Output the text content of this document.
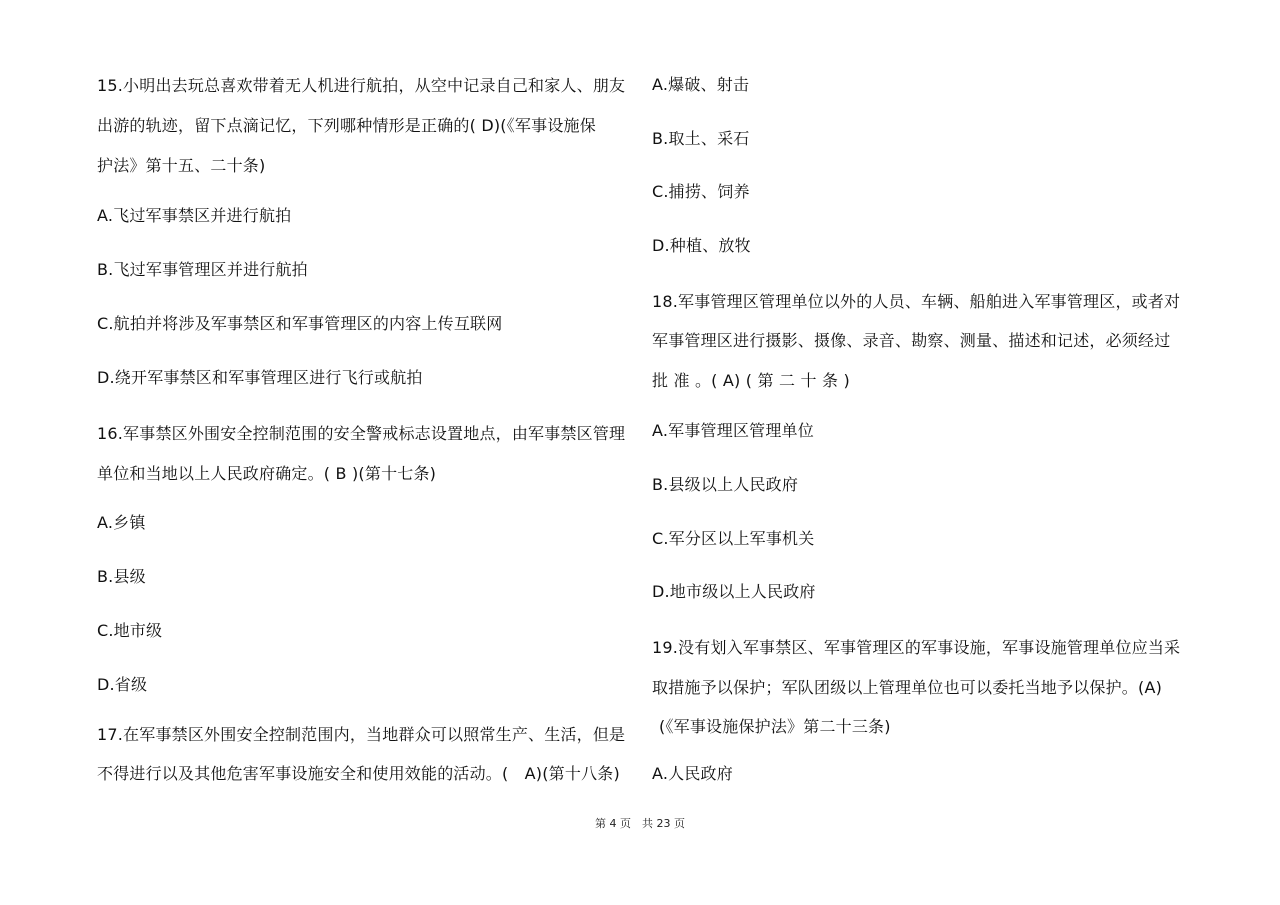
15.小明出去玩总喜欢带着无人机进行航拍，从空中记录自己和家人、朋友
出游的轨迹，留下点滴记忆，下列哪种情形是正确的( D)(《军事设施保
护法》第十五、二十条)
A.飞过军事禁区并进行航拍
B.飞过军事管理区并进行航拍
C.航拍并将涉及军事禁区和军事管理区的内容上传互联网
D.绕开军事禁区和军事管理区进行飞行或航拍
16.军事禁区外围安全控制范围的安全警戒标志设置地点，由军事禁区管理
单位和当地以上人民政府确定。( B )(第十七条)
A.乡镇
B.县级
C.地市级
D.省级
17.在军事禁区外围安全控制范围内，当地群众可以照常生产、生活，但是
不得进行以及其他危害军事设施安全和使用效能的活动。(　A)(第十八条)
A.爆破、射击
B.取土、采石
C.捕捞、饲养
D.种植、放牧
18.军事管理区管理单位以外的人员、车辆、船舶进入军事管理区，或者对
军事管理区进行摄影、摄像、录音、勘察、测量、描述和记述，必须经过
批 准 。( A) ( 第 二 十 条 )
A.军事管理区管理单位
B.县级以上人民政府
C.军分区以上军事机关
D.地市级以上人民政府
19.没有划入军事禁区、军事管理区的军事设施，军事设施管理单位应当采
取措施予以保护；军队团级以上管理单位也可以委托当地予以保护。(A)
(《军事设施保护法》第二十三条)
A.人民政府
第 4 页　共 23 页
